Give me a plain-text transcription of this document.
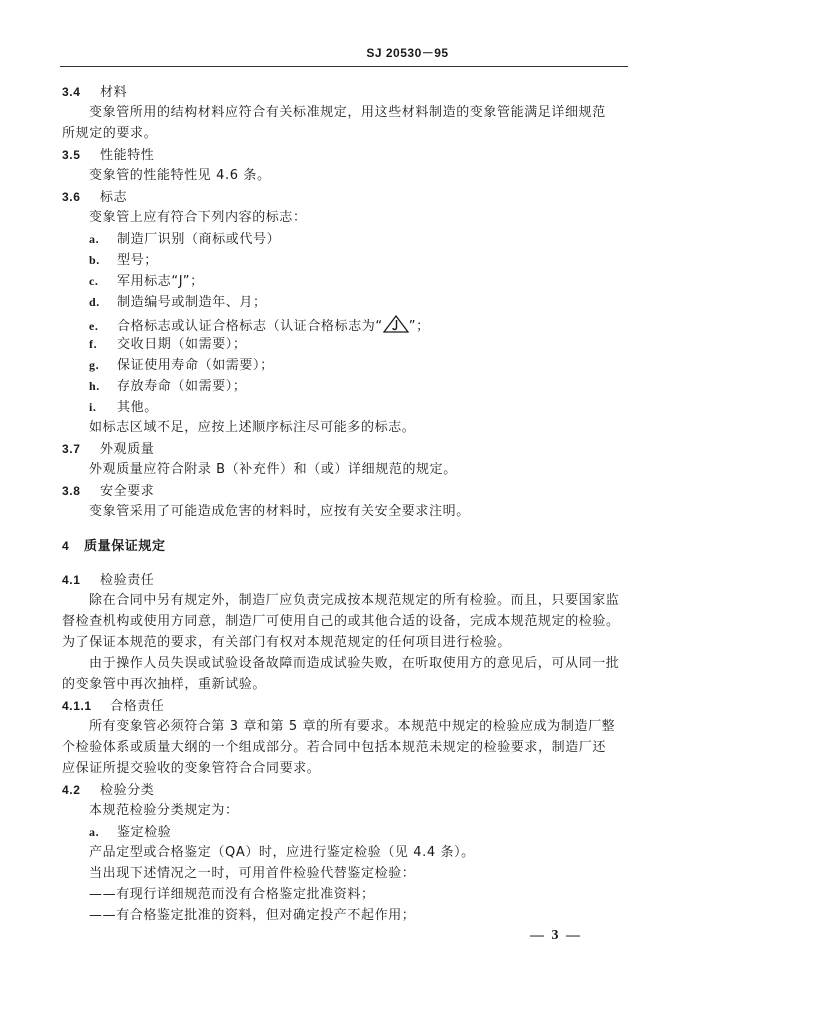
SJ 20530－95
3.4 材料
变象管所用的结构材料应符合有关标准规定，用这些材料制造的变象管能满足详细规范
所规定的要求。
3.5 性能特性
变象管的性能特性见 4.6 条。
3.6 标志
变象管上应有符合下列内容的标志：
a. 制造厂识别（商标或代号）
b. 型号；
c. 军用标志“J”；
d. 制造编号或制造年、月；
e. 合格标志或认证合格标志（认证合格标志为“ ”；
f. 交收日期（如需要）；
g. 保证使用寿命（如需要）；
h. 存放寿命（如需要）；
i. 其他。
如标志区域不足，应按上述顺序标注尽可能多的标志。
3.7 外观质量
外观质量应符合附录 B（补充件）和（或）详细规范的规定。
3.8 安全要求
变象管采用了可能造成危害的材料时，应按有关安全要求注明。
4 质量保证规定
4.1 检验责任
除在合同中另有规定外，制造厂应负责完成按本规范规定的所有检验。而且，只要国家监
督检查机构或使用方同意，制造厂可使用自己的或其他合适的设备，完成本规范规定的检验。
为了保证本规范的要求，有关部门有权对本规范规定的任何项目进行检验。
由于操作人员失误或试验设备故障而造成试验失败，在听取使用方的意见后，可从同一批
的变象管中再次抽样，重新试验。
4.1.1 合格责任
所有变象管必须符合第 3 章和第 5 章的所有要求。本规范中规定的检验应成为制造厂整
个检验体系或质量大纲的一个组成部分。若合同中包括本规范未规定的检验要求，制造厂还
应保证所提交验收的变象管符合合同要求。
4.2 检验分类
本规范检验分类规定为：
a. 鉴定检验
产品定型或合格鉴定（QA）时，应进行鉴定检验（见 4.4 条）。
当出现下述情况之一时，可用首件检验代替鉴定检验：
——有现行详细规范而没有合格鉴定批准资料；
——有合格鉴定批准的资料，但对确定投产不起作用；
— 3 —
